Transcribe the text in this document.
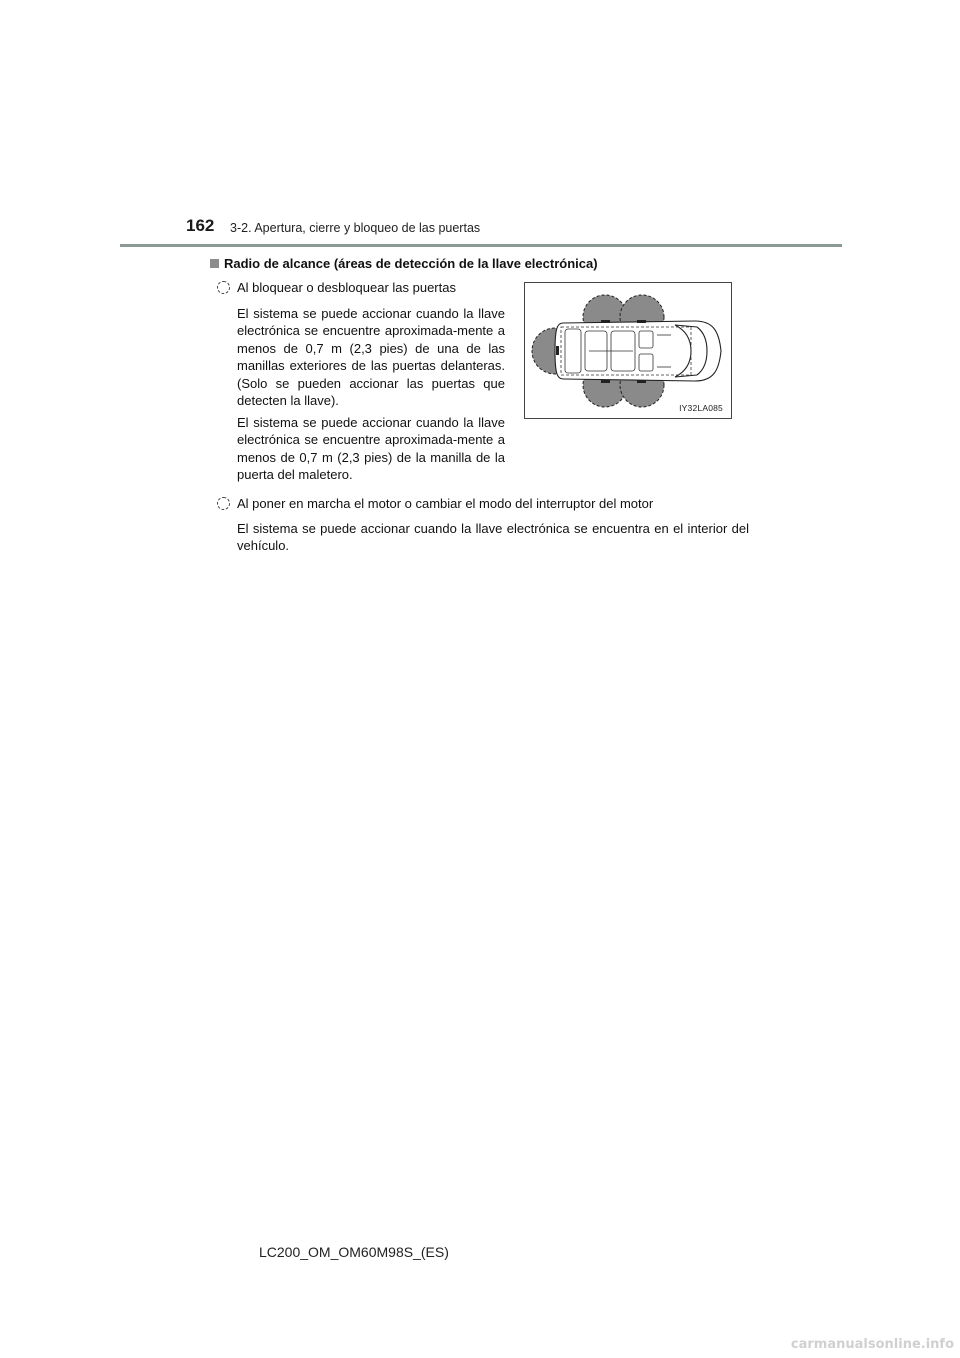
162 3-2. Apertura, cierre y bloqueo de las puertas
Radio de alcance (áreas de detección de la llave electrónica)
Al bloquear o desbloquear las puertas
El sistema se puede accionar cuando la llave electrónica se encuentre aproximada-mente a menos de 0,7 m (2,3 pies) de una de las manillas exteriores de las puertas delanteras. (Solo se pueden accionar las puertas que detecten la llave).
El sistema se puede accionar cuando la llave electrónica se encuentre aproximada-mente a menos de 0,7 m (2,3 pies) de la manilla de la puerta del maletero.
IY32LA085
Al poner en marcha el motor o cambiar el modo del interruptor del motor
El sistema se puede accionar cuando la llave electrónica se encuentra en el interior del vehículo.
LC200_OM_OM60M98S_(ES)
carmanualsonline.info
